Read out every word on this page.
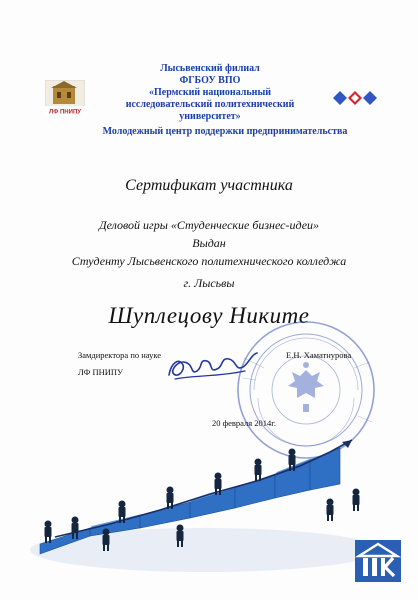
ЛФ ПНИПУ
Лысьвенский филиал
ФГБОУ ВПО
«Пермский национальный
исследовательский политехнический
университет»
Молодежный центр поддержки предпринимательства
Сертификат участника
Деловой игры «Студенческие бизнес-идеи»
Выдан
Студенту Лысьвенского политехнического колледжа
г. Лысьвы
Шуплецову Никите
Замдиректора по науке
ЛФ ПНИПУ
Е.Н. Хаматнурова
20 февраля 2014г.
